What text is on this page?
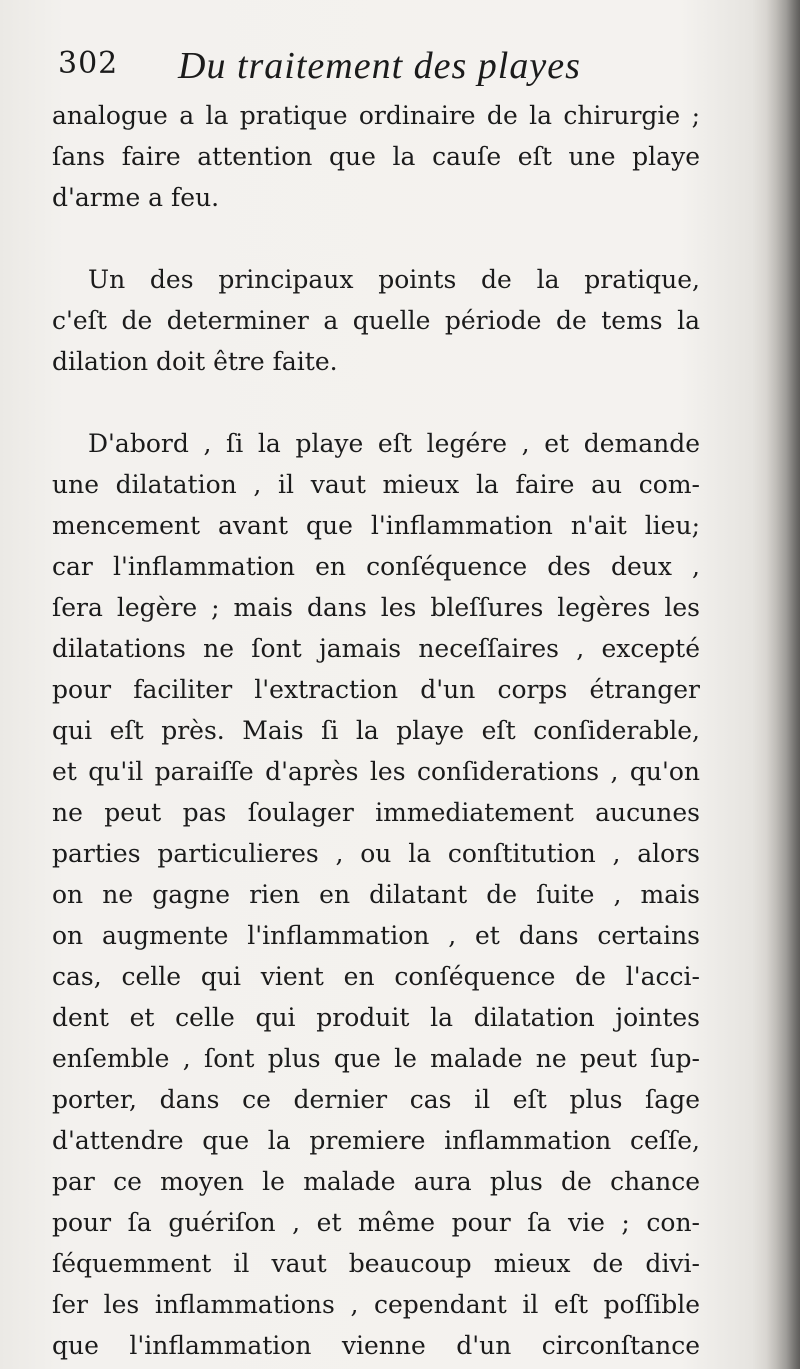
302 Du traitement des playes
analogue a la pratique ordinaire de la chirurgie ;
ſans faire attention que la cauſe eſt une playe
d'arme a feu.
Un des principaux points de la pratique,
c'eſt de determiner a quelle période de tems la
dilation doit être faite.
D'abord , ſi la playe eſt legére , et demande
une dilatation , il vaut mieux la faire au com-
mencement avant que l'inflammation n'ait lieu;
car l'inflammation en conſéquence des deux ,
ſera legère ; mais dans les bleſſures legères les
dilatations ne ſont jamais neceſſaires , excepté
pour faciliter l'extraction d'un corps étranger
qui eſt près. Mais ſi la playe eſt conſiderable,
et qu'il paraiſſe d'après les conſiderations , qu'on
ne peut pas ſoulager immediatement aucunes
parties particulieres , ou la conſtitution , alors
on ne gagne rien en dilatant de ſuite , mais
on augmente l'inflammation , et dans certains
cas, celle qui vient en conſéquence de l'acci-
dent et celle qui produit la dilatation jointes
enſemble , ſont plus que le malade ne peut ſup-
porter, dans ce dernier cas il eſt plus ſage
d'attendre que la premiere inflammation ceſſe,
par ce moyen le malade aura plus de chance
pour ſa guériſon , et même pour ſa vie ; con-
ſéquemment il vaut beaucoup mieux de divi-
ſer les inflammations , cependant il eſt poſſible
que l'inflammation vienne d'un circonſtance
